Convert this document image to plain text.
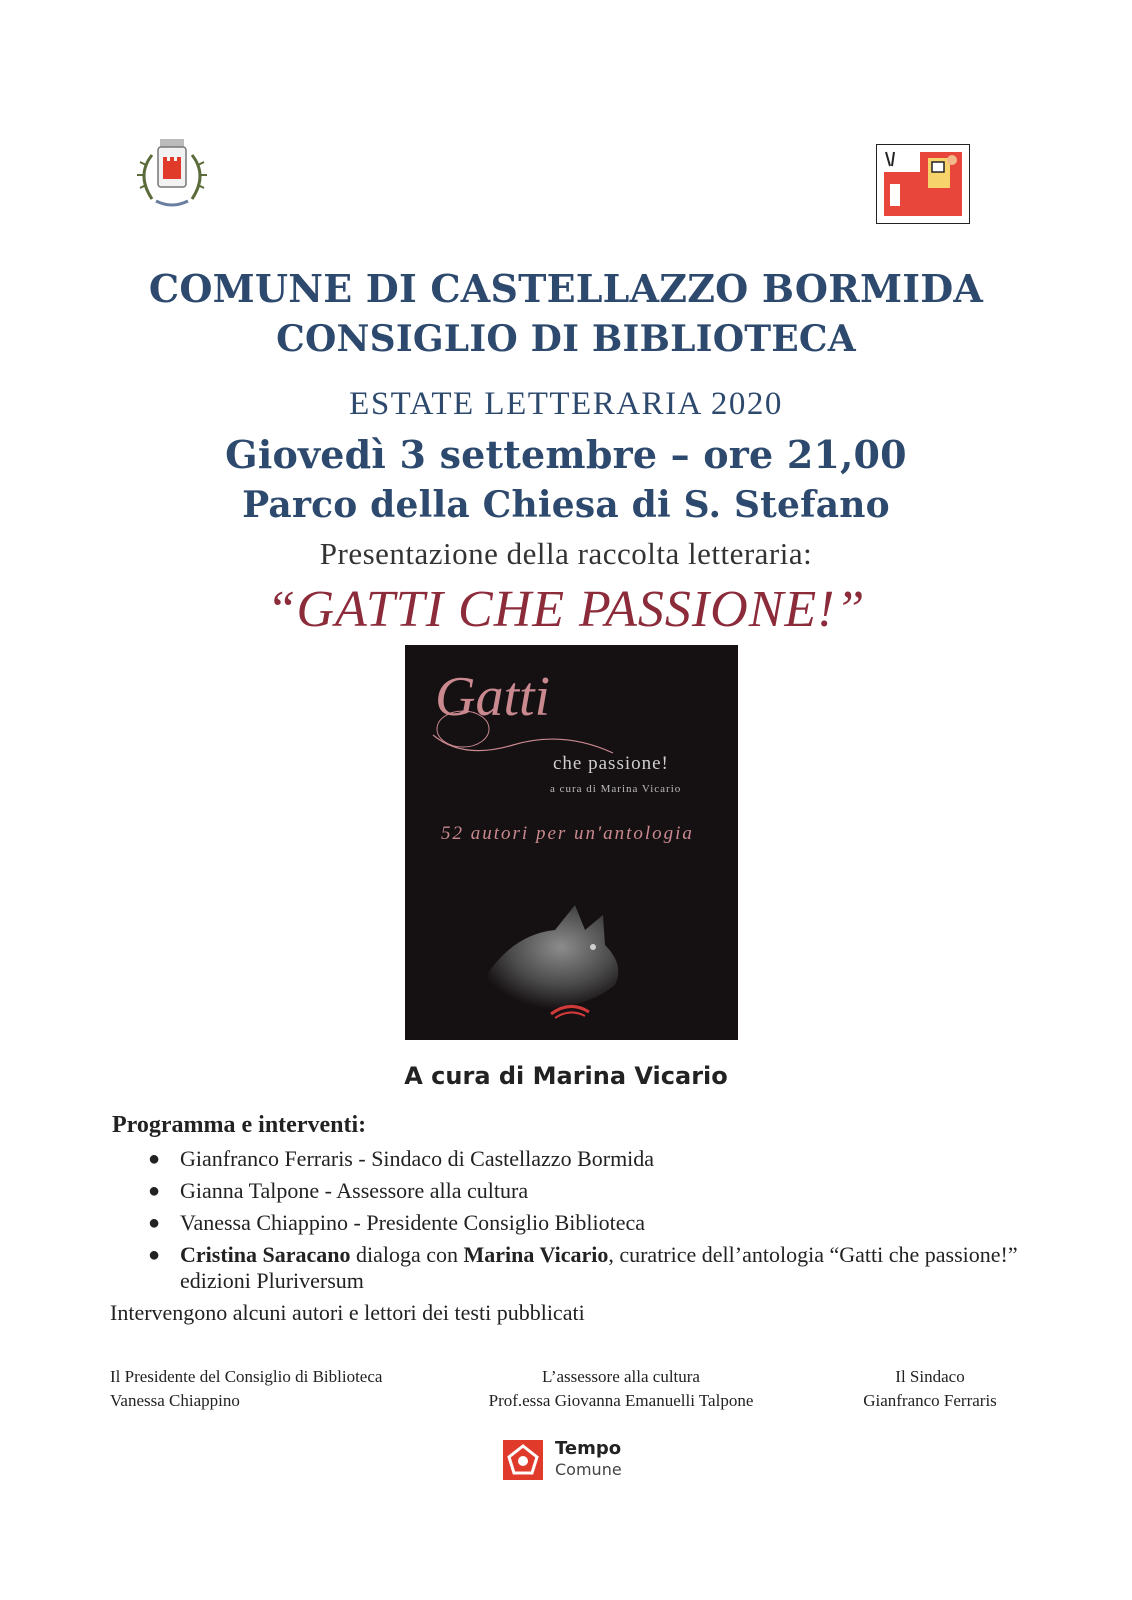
COMUNE DI CASTELLAZZO BORMIDA
CONSIGLIO DI BIBLIOTECA
ESTATE LETTERARIA 2020
Giovedì 3 settembre – ore 21,00
Parco della Chiesa di S. Stefano
Presentazione della raccolta letteraria:
“GATTI CHE PASSIONE!”
Gatti
che passione!
a cura di Marina Vicario
52 autori per un'antologia
A cura di Marina Vicario
Programma e interventi:
● Gianfranco Ferraris - Sindaco di Castellazzo Bormida
● Gianna Talpone - Assessore alla cultura
● Vanessa Chiappino - Presidente Consiglio Biblioteca
● Cristina Saracano dialoga con Marina Vicario, curatrice dell’antologia “Gatti che passione!” edizioni Pluriversum
Intervengono alcuni autori e lettori dei testi pubblicati
Il Presidente del Consiglio di Biblioteca
Vanessa Chiappino
L’assessore alla cultura
Prof.essa Giovanna Emanuelli Talpone
Il Sindaco
Gianfranco Ferraris
Tempo
Comune
